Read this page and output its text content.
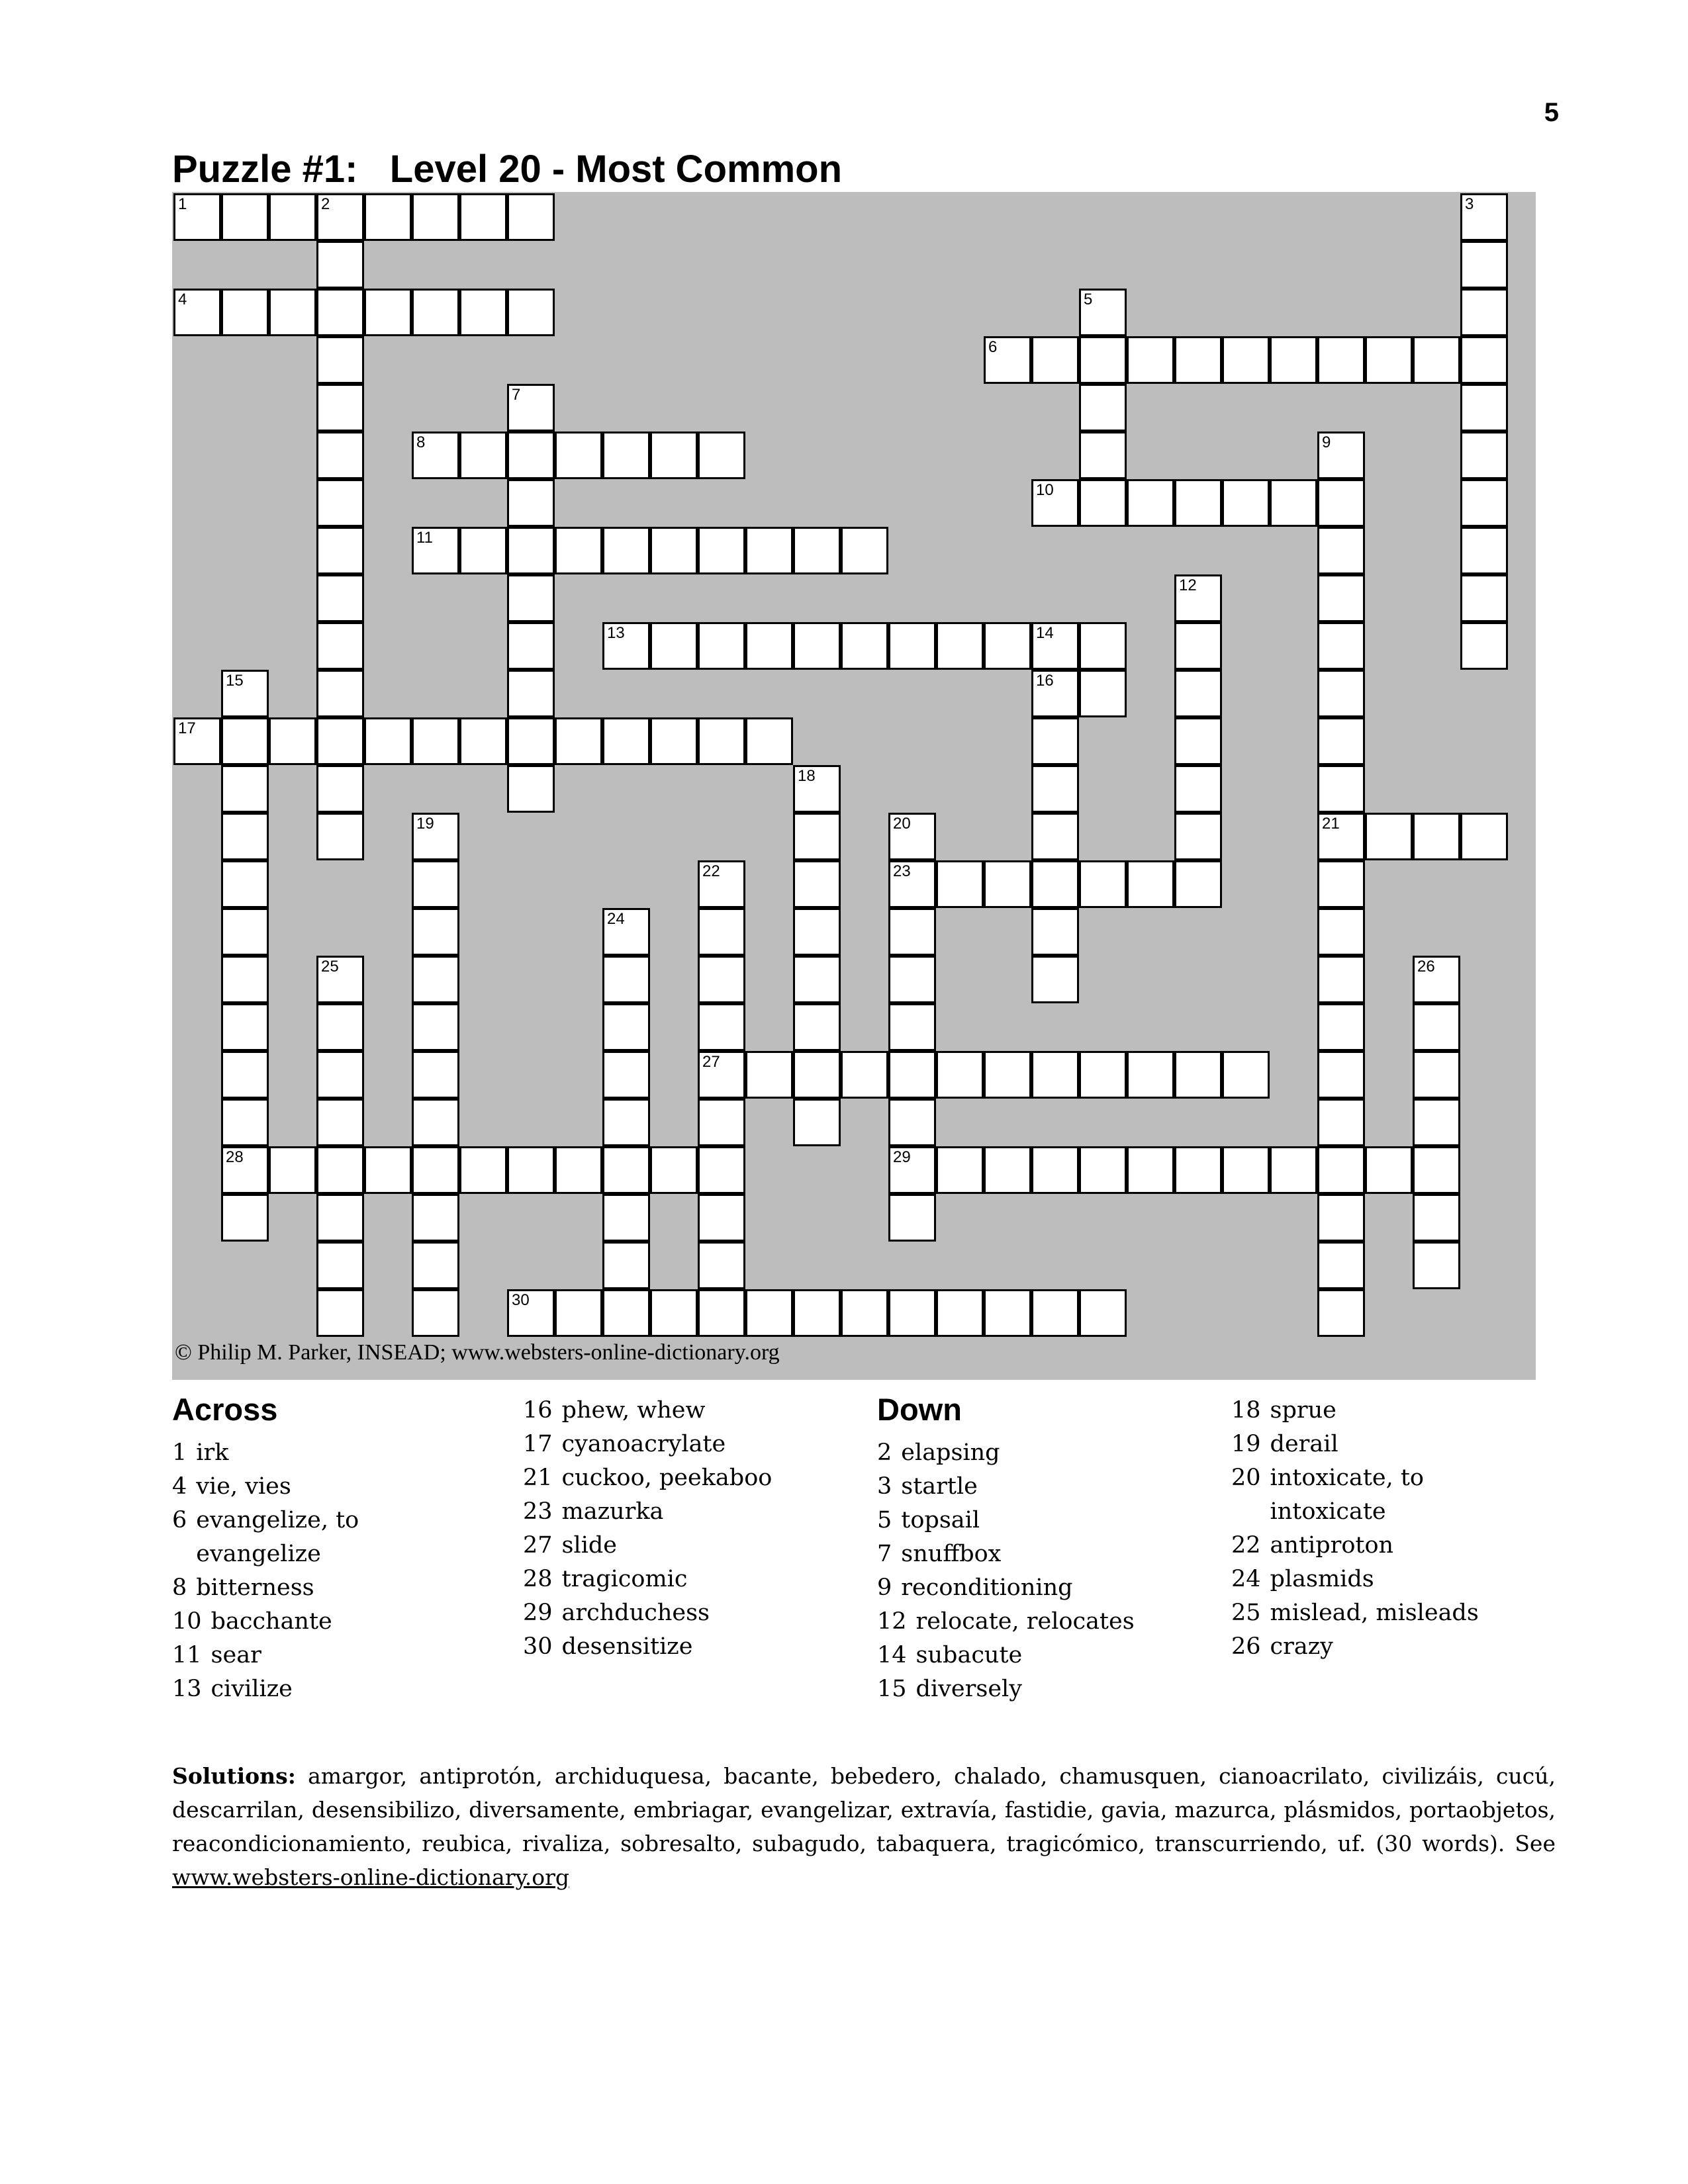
5
Puzzle #1:   Level 20 - Most Common
1	2
4
6
8
10
11
13	14
16
17
21
23
27
28	29
30
3
5
7
9
12
15
18
19	20
22
24
25	26
© Philip M. Parker, INSEAD; www.websters-online-dictionary.org
Across
1 irk
4 vie, vies
6 evangelize, to
evangelize
8 bitterness
10 bacchante
11 sear
13 civilize
16 phew, whew
17 cyanoacrylate
21 cuckoo, peekaboo
23 mazurka
27 slide
28 tragicomic
29 archduchess
30 desensitize
Down
2 elapsing
3 startle
5 topsail
7 snuffbox
9 reconditioning
12 relocate, relocates
14 subacute
15 diversely
18 sprue
19 derail
20 intoxicate, to
intoxicate
22 antiproton
24 plasmids
25 mislead, misleads
26 crazy
Solutions: amargor, antiprotón, archiduquesa, bacante, bebedero, chalado, chamusquen, cianoacrilato, civilizáis, cucú, descarrilan, desensibilizo, diversamente, embriagar, evangelizar, extravía, fastidie, gavia, mazurca, plásmidos, portaobjetos, reacondicionamiento, reubica, rivaliza, sobresalto, subagudo, tabaquera, tragicómico, transcurriendo, uf. (30 words). See www.websters-online-dictionary.org
